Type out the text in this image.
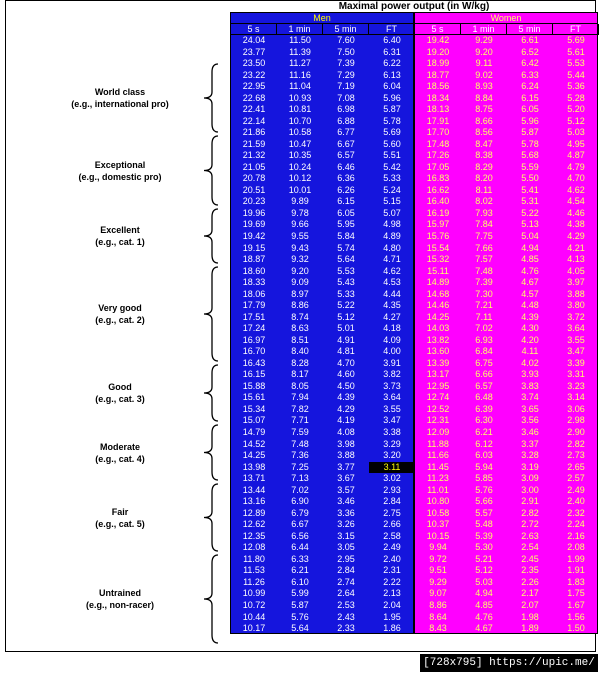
Maximal power output (in W/kg)
World class
(e.g., international pro)
Exceptional
(e.g., domestic pro)
Excellent
(e.g., cat. 1)
Very good
(e.g., cat. 2)
Good
(e.g., cat. 3)
Moderate
(e.g., cat. 4)
Fair
(e.g., cat. 5)
Untrained
(e.g., non-racer)
Men
5 s	1 min	5 min	FT
24.04	11.50	7.60	6.40
23.77	11.39	7.50	6.31
23.50	11.27	7.39	6.22
23.22	11.16	7.29	6.13
22.95	11.04	7.19	6.04
22.68	10.93	7.08	5.96
22.41	10.81	6.98	5.87
22.14	10.70	6.88	5.78
21.86	10.58	6.77	5.69
21.59	10.47	6.67	5.60
21.32	10.35	6.57	5.51
21.05	10.24	6.46	5.42
20.78	10.12	6.36	5.33
20.51	10.01	6.26	5.24
20.23	9.89	6.15	5.15
19.96	9.78	6.05	5.07
19.69	9.66	5.95	4.98
19.42	9.55	5.84	4.89
19.15	9.43	5.74	4.80
18.87	9.32	5.64	4.71
18.60	9.20	5.53	4.62
18.33	9.09	5.43	4.53
18.06	8.97	5.33	4.44
17.79	8.86	5.22	4.35
17.51	8.74	5.12	4.27
17.24	8.63	5.01	4.18
16.97	8.51	4.91	4.09
16.70	8.40	4.81	4.00
16.43	8.28	4.70	3.91
16.15	8.17	4.60	3.82
15.88	8.05	4.50	3.73
15.61	7.94	4.39	3.64
15.34	7.82	4.29	3.55
15.07	7.71	4.19	3.47
14.79	7.59	4.08	3.38
14.52	7.48	3.98	3.29
14.25	7.36	3.88	3.20
13.98	7.25	3.77	3.11
13.71	7.13	3.67	3.02
13.44	7.02	3.57	2.93
13.16	6.90	3.46	2.84
12.89	6.79	3.36	2.75
12.62	6.67	3.26	2.66
12.35	6.56	3.15	2.58
12.08	6.44	3.05	2.49
11.80	6.33	2.95	2.40
11.53	6.21	2.84	2.31
11.26	6.10	2.74	2.22
10.99	5.99	2.64	2.13
10.72	5.87	2.53	2.04
10.44	5.76	2.43	1.95
10.17	5.64	2.33	1.86
Women
5 s	1 min	5 min	FT
19.42	9.29	6.61	5.69
19.20	9.20	6.52	5.61
18.99	9.11	6.42	5.53
18.77	9.02	6.33	5.44
18.56	8.93	6.24	5.36
18.34	8.84	6.15	5.28
18.13	8.75	6.05	5.20
17.91	8.66	5.96	5.12
17.70	8.56	5.87	5.03
17.48	8.47	5.78	4.95
17.26	8.38	5.68	4.87
17.05	8.29	5.59	4.79
16.83	8.20	5.50	4.70
16.62	8.11	5.41	4.62
16.40	8.02	5.31	4.54
16.19	7.93	5.22	4.46
15.97	7.84	5.13	4.38
15.76	7.75	5.04	4.29
15.54	7.66	4.94	4.21
15.32	7.57	4.85	4.13
15.11	7.48	4.76	4.05
14.89	7.39	4.67	3.97
14.68	7.30	4.57	3.88
14.46	7.21	4.48	3.80
14.25	7.11	4.39	3.72
14.03	7.02	4.30	3.64
13.82	6.93	4.20	3.55
13.60	6.84	4.11	3.47
13.39	6.75	4.02	3.39
13.17	6.66	3.93	3.31
12.95	6.57	3.83	3.23
12.74	6.48	3.74	3.14
12.52	6.39	3.65	3.06
12.31	6.30	3.56	2.98
12.09	6.21	3.46	2.90
11.88	6.12	3.37	2.82
11.66	6.03	3.28	2.73
11.45	5.94	3.19	2.65
11.23	5.85	3.09	2.57
11.01	5.76	3.00	2.49
10.80	5.66	2.91	2.40
10.58	5.57	2.82	2.32
10.37	5.48	2.72	2.24
10.15	5.39	2.63	2.16
9.94	5.30	2.54	2.08
9.72	5.21	2.45	1.99
9.51	5.12	2.35	1.91
9.29	5.03	2.26	1.83
9.07	4.94	2.17	1.75
8.86	4.85	2.07	1.67
8.64	4.76	1.98	1.56
8.43	4.67	1.89	1.50
[728x795] https://upic.me/
